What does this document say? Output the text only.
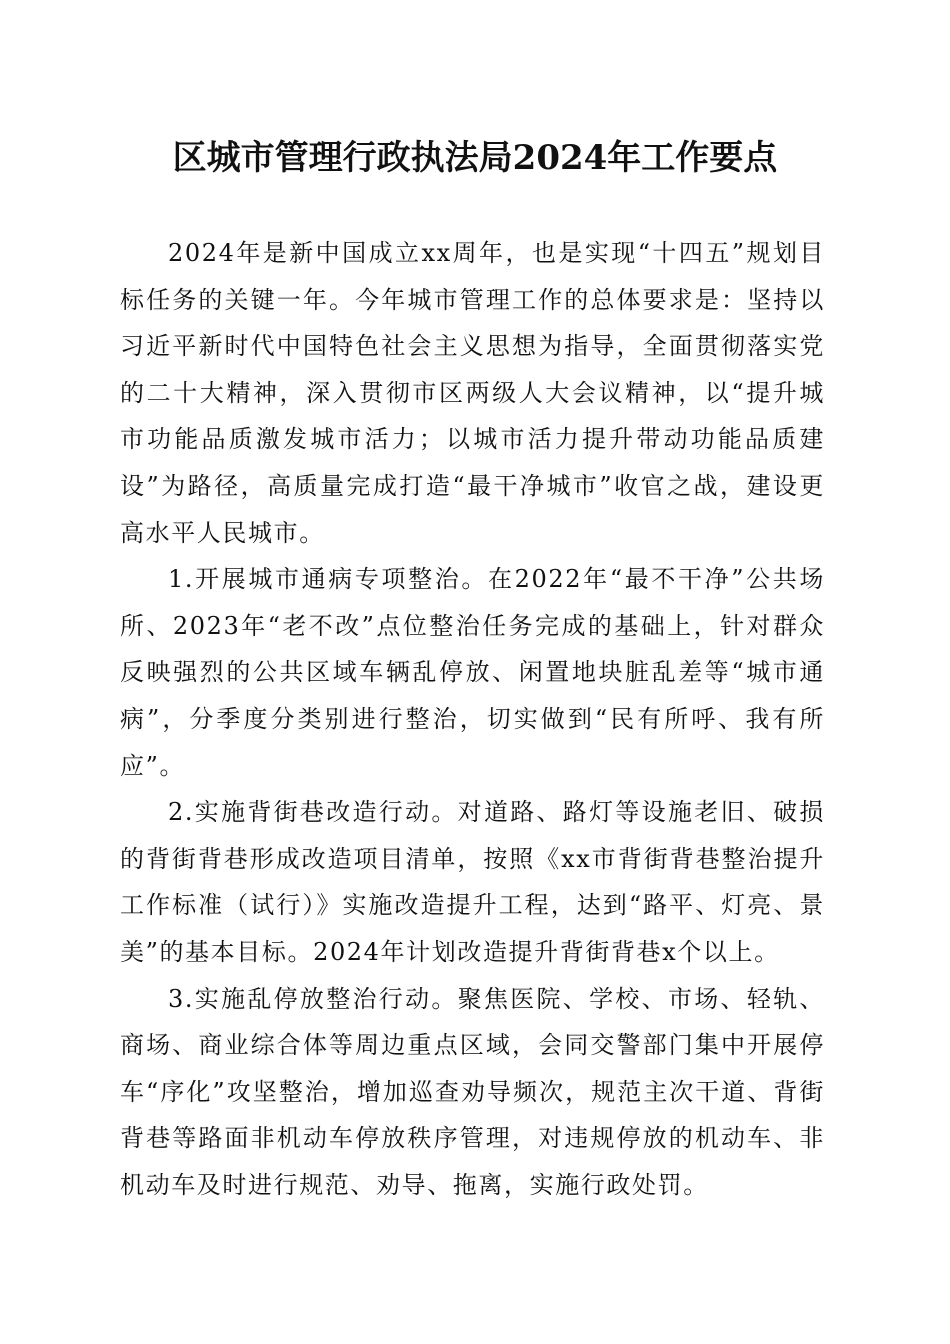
区城市管理行政执法局2024年工作要点

2024年是新中国成立xx周年，也是实现“十四五”规划目标任务的关键一年。今年城市管理工作的总体要求是：坚持以习近平新时代中国特色社会主义思想为指导，全面贯彻落实党的二十大精神，深入贯彻市区两级人大会议精神，以“提升城市功能品质激发城市活力；以城市活力提升带动功能品质建设”为路径，高质量完成打造“最干净城市”收官之战，建设更高水平人民城市。

1.开展城市通病专项整治。在2022年“最不干净”公共场所、2023年“老不改”点位整治任务完成的基础上，针对群众反映强烈的公共区域车辆乱停放、闲置地块脏乱差等“城市通病”，分季度分类别进行整治，切实做到“民有所呼、我有所应”。

2.实施背街巷改造行动。对道路、路灯等设施老旧、破损的背街背巷形成改造项目清单，按照《xx市背街背巷整治提升工作标准（试行）》实施改造提升工程，达到“路平、灯亮、景美”的基本目标。2024年计划改造提升背街背巷x个以上。

3.实施乱停放整治行动。聚焦医院、学校、市场、轻轨、商场、商业综合体等周边重点区域，会同交警部门集中开展停车“序化”攻坚整治，增加巡查劝导频次，规范主次干道、背街背巷等路面非机动车停放秩序管理，对违规停放的机动车、非机动车及时进行规范、劝导、拖离，实施行政处罚。
